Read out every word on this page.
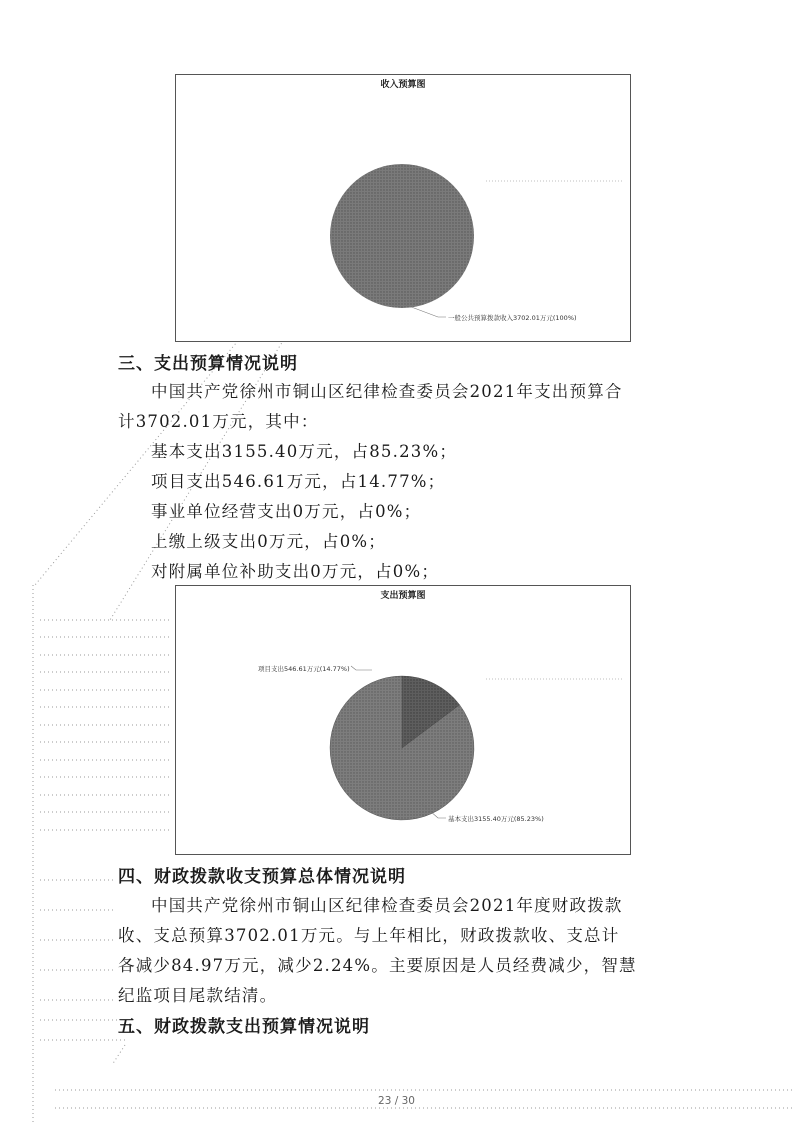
收入预算图
一般公共预算拨款收入3702.01万元(100%)
三、支出预算情况说明
中国共产党徐州市铜山区纪律检查委员会2021年支出预算合
计3702.01万元，其中：
基本支出3155.40万元，占85.23%；
项目支出546.61万元，占14.77%；
事业单位经营支出0万元，占0%；
上缴上级支出0万元，占0%；
对附属单位补助支出0万元，占0%；
支出预算图
项目支出546.61万元(14.77%)
基本支出3155.40万元(85.23%)
四、财政拨款收支预算总体情况说明
中国共产党徐州市铜山区纪律检查委员会2021年度财政拨款
收、支总预算3702.01万元。与上年相比，财政拨款收、支总计
各减少84.97万元，减少2.24%。主要原因是人员经费减少，智慧
纪监项目尾款结清。
五、财政拨款支出预算情况说明
23 / 30
